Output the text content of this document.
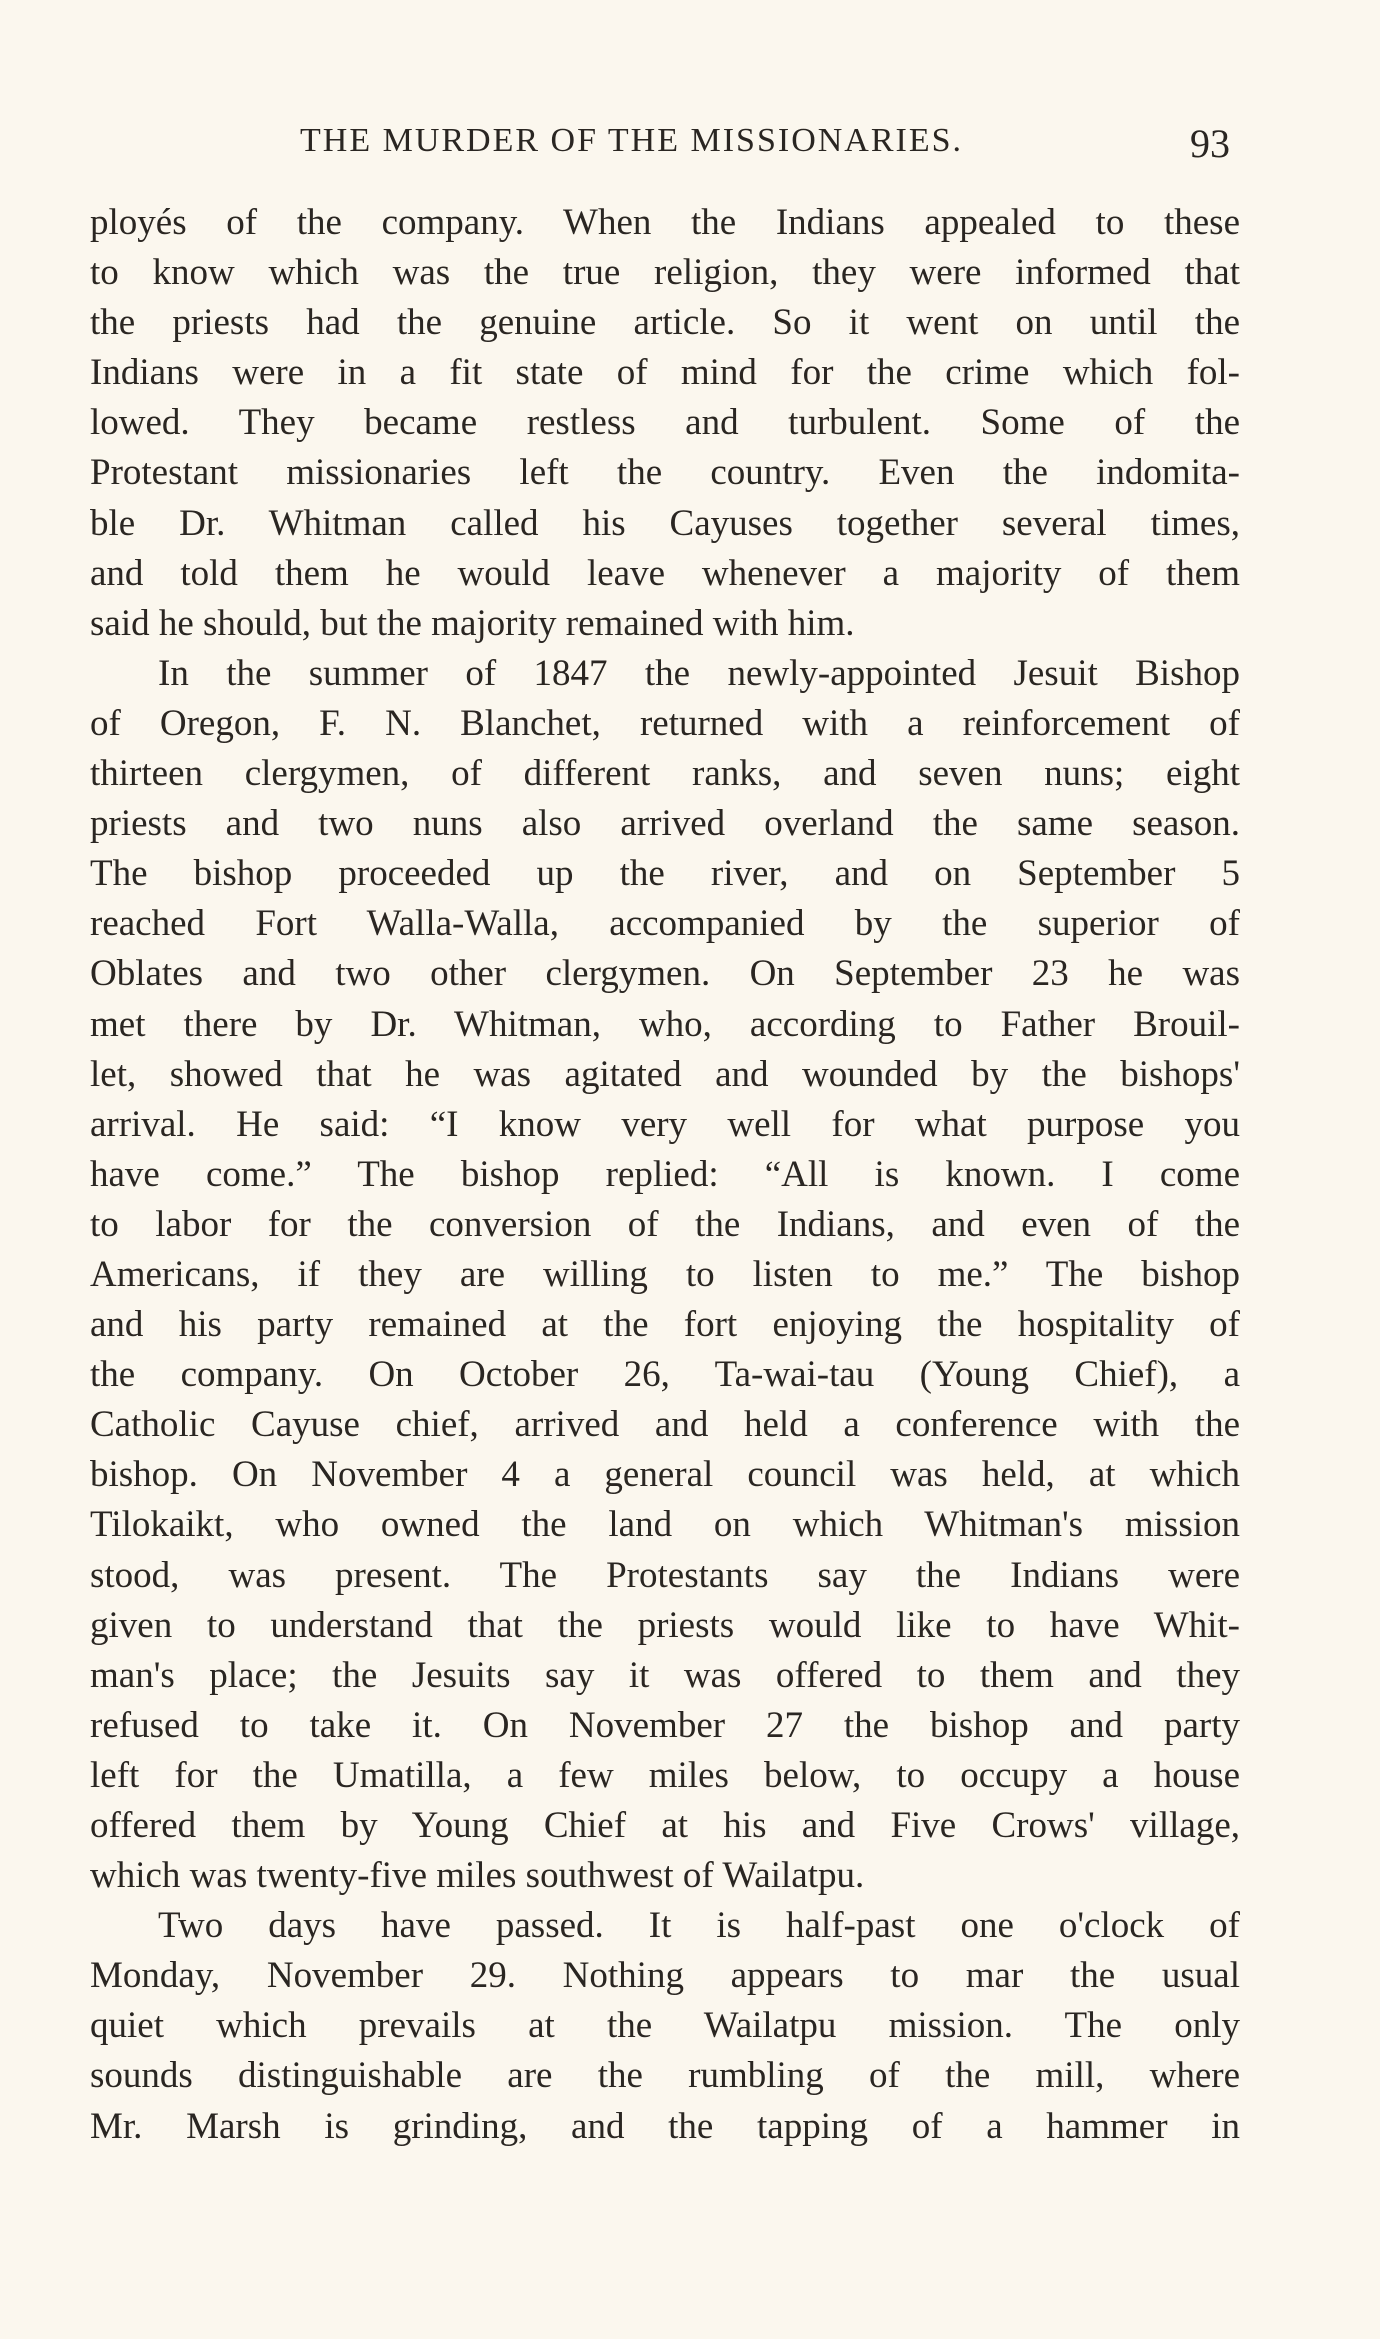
THE MURDER OF THE MISSIONARIES.	93
ployés of the company. When the Indians appealed to these
to know which was the true religion, they were informed that
the priests had the genuine article. So it went on until the
Indians were in a fit state of mind for the crime which fol-
lowed. They became restless and turbulent. Some of the
Protestant missionaries left the country. Even the indomita-
ble Dr. Whitman called his Cayuses together several times,
and told them he would leave whenever a majority of them
said he should, but the majority remained with him.
In the summer of 1847 the newly-appointed Jesuit Bishop
of Oregon, F. N. Blanchet, returned with a reinforcement of
thirteen clergymen, of different ranks, and seven nuns; eight
priests and two nuns also arrived overland the same season.
The bishop proceeded up the river, and on September 5
reached Fort Walla-Walla, accompanied by the superior of
Oblates and two other clergymen. On September 23 he was
met there by Dr. Whitman, who, according to Father Brouil-
let, showed that he was agitated and wounded by the bishops'
arrival. He said: “I know very well for what purpose you
have come.” The bishop replied: “All is known. I come
to labor for the conversion of the Indians, and even of the
Americans, if they are willing to listen to me.” The bishop
and his party remained at the fort enjoying the hospitality of
the company. On October 26, Ta-wai-tau (Young Chief), a
Catholic Cayuse chief, arrived and held a conference with the
bishop. On November 4 a general council was held, at which
Tilokaikt, who owned the land on which Whitman's mission
stood, was present. The Protestants say the Indians were
given to understand that the priests would like to have Whit-
man's place; the Jesuits say it was offered to them and they
refused to take it. On November 27 the bishop and party
left for the Umatilla, a few miles below, to occupy a house
offered them by Young Chief at his and Five Crows' village,
which was twenty-five miles southwest of Wailatpu.
Two days have passed. It is half-past one o'clock of
Monday, November 29. Nothing appears to mar the usual
quiet which prevails at the Wailatpu mission. The only
sounds distinguishable are the rumbling of the mill, where
Mr. Marsh is grinding, and the tapping of a hammer in
